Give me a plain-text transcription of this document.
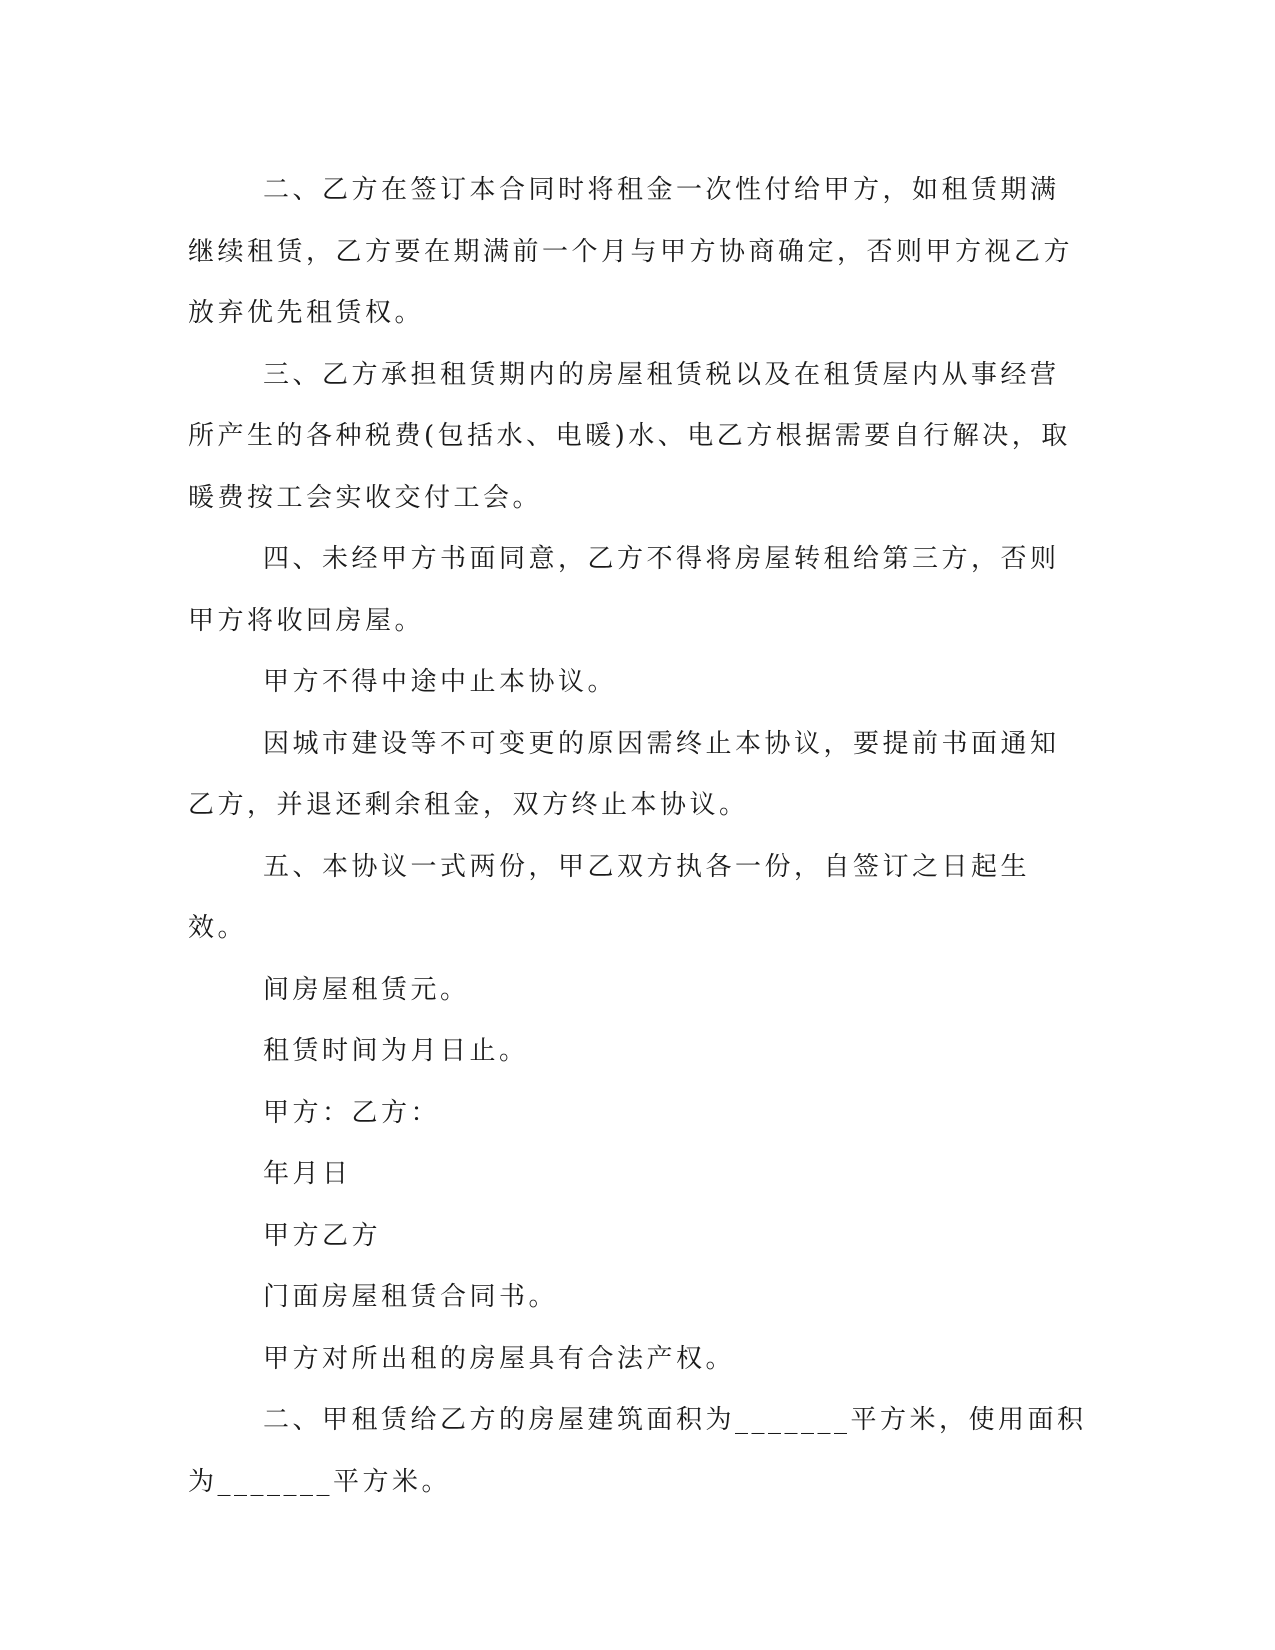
二、乙方在签订本合同时将租金一次性付给甲方，如租赁期满继续租赁，乙方要在期满前一个月与甲方协商确定，否则甲方视乙方放弃优先租赁权。

三、乙方承担租赁期内的房屋租赁税以及在租赁屋内从事经营所产生的各种税费(包括水、电暖)水、电乙方根据需要自行解决，取暖费按工会实收交付工会。

四、未经甲方书面同意，乙方不得将房屋转租给第三方，否则甲方将收回房屋。

甲方不得中途中止本协议。

因城市建设等不可变更的原因需终止本协议，要提前书面通知乙方，并退还剩余租金，双方终止本协议。

五、本协议一式两份，甲乙双方执各一份，自签订之日起生效。

间房屋租赁元。

租赁时间为月日止。

甲方：乙方：

年月日

甲方乙方

门面房屋租赁合同书。

甲方对所出租的房屋具有合法产权。

二、甲租赁给乙方的房屋建筑面积为_______平方米，使用面积为_______平方米。
